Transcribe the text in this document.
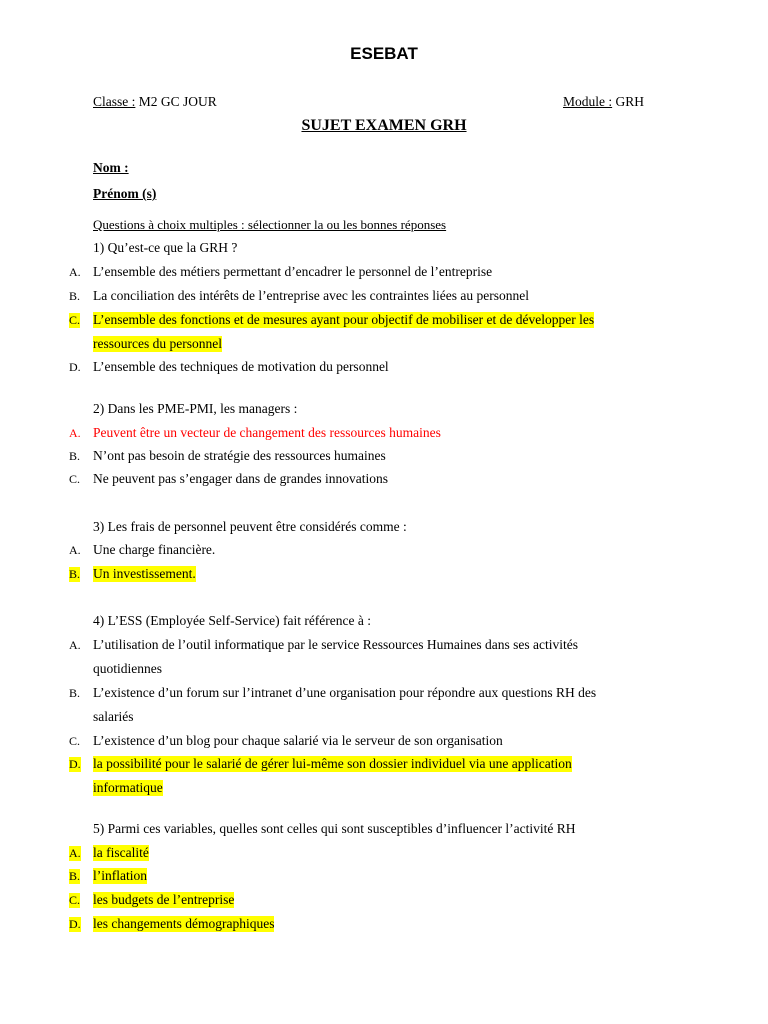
ESEBAT
Classe : M2 GC JOUR	Module : GRH
SUJET EXAMEN GRH
Nom :
Prénom (s)
Questions à choix multiples : sélectionner la ou les bonnes réponses
1) Qu’est-ce que la GRH ?
A. L’ensemble des métiers permettant d’encadrer le personnel de l’entreprise
B. La conciliation des intérêts de l’entreprise avec les contraintes liées au personnel
C. L’ensemble des fonctions et de mesures ayant pour objectif de mobiliser et de développer les
ressources du personnel
D. L’ensemble des techniques de motivation du personnel
2) Dans les PME-PMI, les managers :
A. Peuvent être un vecteur de changement des ressources humaines
B. N’ont pas besoin de stratégie des ressources humaines
C. Ne peuvent pas s’engager dans de grandes innovations
3) Les frais de personnel peuvent être considérés comme :
A. Une charge financière.
B. Un investissement.
4) L’ESS (Employée Self-Service) fait référence à :
A. L’utilisation de l’outil informatique par le service Ressources Humaines dans ses activités
quotidiennes
B. L’existence d’un forum sur l’intranet d’une organisation pour répondre aux questions RH des
salariés
C. L’existence d’un blog pour chaque salarié via le serveur de son organisation
D. la possibilité pour le salarié de gérer lui-même son dossier individuel via une application
informatique
5) Parmi ces variables, quelles sont celles qui sont susceptibles d’influencer l’activité RH
A. la fiscalité
B. l’inflation
C. les budgets de l’entreprise
D. les changements démographiques
